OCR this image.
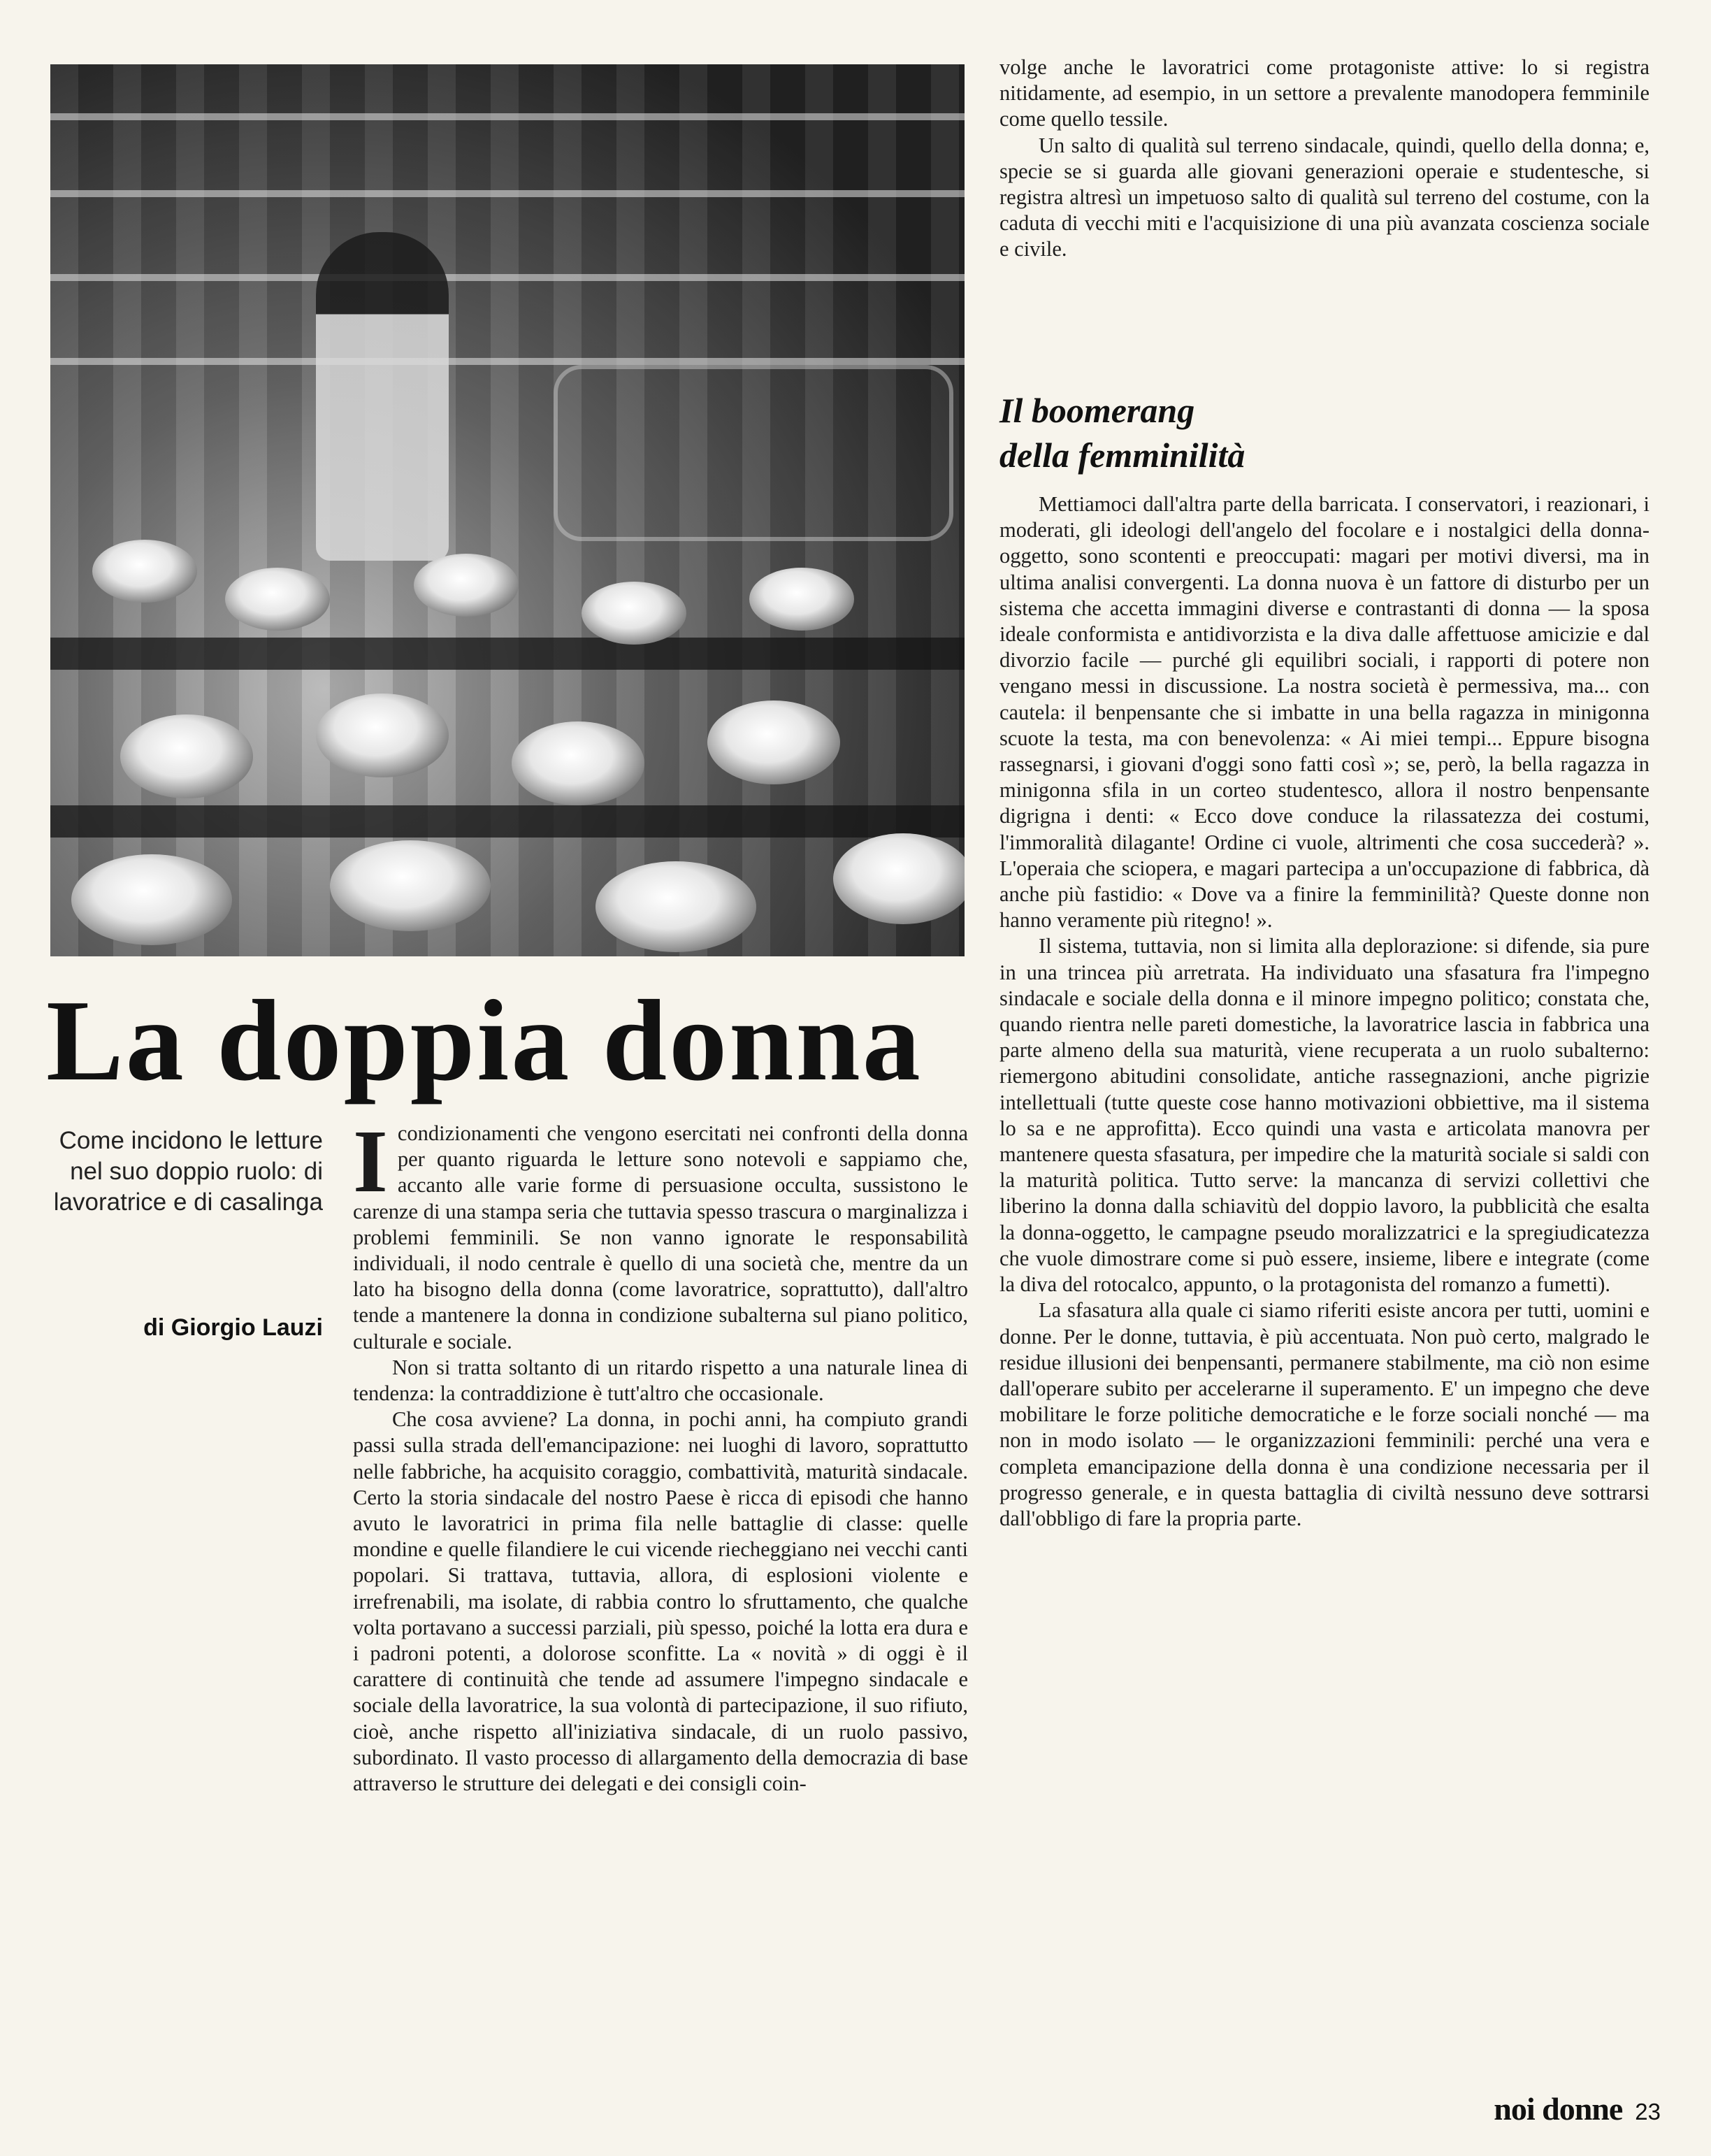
La doppia donna

Come incidono le letture nel suo doppio ruolo: di lavoratrice e di casalinga

di Giorgio Lauzi

Icondizionamenti che vengono esercitati nei confronti della donna per quanto riguarda le letture sono notevoli e sappiamo che, accanto alle varie forme di persuasione occulta, sussistono le carenze di una stampa seria che tuttavia spesso trascura o marginalizza i problemi femminili. Se non vanno ignorate le responsabilità individuali, il nodo centrale è quello di una società che, mentre da un lato ha bisogno della donna (come lavoratrice, soprattutto), dall'altro tende a mantenere la donna in condizione subalterna sul piano politico, culturale e sociale.

Non si tratta soltanto di un ritardo rispetto a una naturale linea di tendenza: la contraddizione è tutt'altro che occasionale.

Che cosa avviene? La donna, in pochi anni, ha compiuto grandi passi sulla strada dell'emancipazione: nei luoghi di lavoro, soprattutto nelle fabbriche, ha acquisito coraggio, combattività, maturità sindacale. Certo la storia sindacale del nostro Paese è ricca di episodi che hanno avuto le lavoratrici in prima fila nelle battaglie di classe: quelle mondine e quelle filandiere le cui vicende riecheggiano nei vecchi canti popolari. Si trattava, tuttavia, allora, di esplosioni violente e irrefrenabili, ma isolate, di rabbia contro lo sfruttamento, che qualche volta portavano a successi parziali, più spesso, poiché la lotta era dura e i padroni potenti, a dolorose sconfitte. La « novità » di oggi è il carattere di continuità che tende ad assumere l'impegno sindacale e sociale della lavoratrice, la sua volontà di partecipazione, il suo rifiuto, cioè, anche rispetto all'iniziativa sindacale, di un ruolo passivo, subordinato. Il vasto processo di allargamento della democrazia di base attraverso le strutture dei delegati e dei consigli coin-

volge anche le lavoratrici come protagoniste attive: lo si registra nitidamente, ad esempio, in un settore a prevalente manodopera femminile come quello tessile.

Un salto di qualità sul terreno sindacale, quindi, quello della donna; e, specie se si guarda alle giovani generazioni operaie e studentesche, si registra altresì un impetuoso salto di qualità sul terreno del costume, con la caduta di vecchi miti e l'acquisizione di una più avanzata coscienza sociale e civile.

Il boomerang
della femminilità

Mettiamoci dall'altra parte della barricata. I conservatori, i reazionari, i moderati, gli ideologi dell'angelo del focolare e i nostalgici della donna-oggetto, sono scontenti e preoccupati: magari per motivi diversi, ma in ultima analisi convergenti. La donna nuova è un fattore di disturbo per un sistema che accetta immagini diverse e contrastanti di donna — la sposa ideale conformista e antidivorzista e la diva dalle affettuose amicizie e dal divorzio facile — purché gli equilibri sociali, i rapporti di potere non vengano messi in discussione. La nostra società è permessiva, ma... con cautela: il benpensante che si imbatte in una bella ragazza in minigonna scuote la testa, ma con benevolenza: « Ai miei tempi... Eppure bisogna rassegnarsi, i giovani d'oggi sono fatti così »; se, però, la bella ragazza in minigonna sfila in un corteo studentesco, allora il nostro benpensante digrigna i denti: « Ecco dove conduce la rilassatezza dei costumi, l'immoralità dilagante! Ordine ci vuole, altrimenti che cosa succederà? ». L'operaia che sciopera, e magari partecipa a un'occupazione di fabbrica, dà anche più fastidio: « Dove va a finire la femminilità? Queste donne non hanno veramente più ritegno! ».

Il sistema, tuttavia, non si limita alla deplorazione: si difende, sia pure in una trincea più arretrata. Ha individuato una sfasatura fra l'impegno sindacale e sociale della donna e il minore impegno politico; constata che, quando rientra nelle pareti domestiche, la lavoratrice lascia in fabbrica una parte almeno della sua maturità, viene recuperata a un ruolo subalterno: riemergono abitudini consolidate, antiche rassegnazioni, anche pigrizie intellettuali (tutte queste cose hanno motivazioni obbiettive, ma il sistema lo sa e ne approfitta). Ecco quindi una vasta e articolata manovra per mantenere questa sfasatura, per impedire che la maturità sociale si saldi con la maturità politica. Tutto serve: la mancanza di servizi collettivi che liberino la donna dalla schiavitù del doppio lavoro, la pubblicità che esalta la donna-oggetto, le campagne pseudo moralizzatrici e la spregiudicatezza che vuole dimostrare come si può essere, insieme, libere e integrate (come la diva del rotocalco, appunto, o la protagonista del romanzo a fumetti).

La sfasatura alla quale ci siamo riferiti esiste ancora per tutti, uomini e donne. Per le donne, tuttavia, è più accentuata. Non può certo, malgrado le residue illusioni dei benpensanti, permanere stabilmente, ma ciò non esime dall'operare subito per accelerarne il superamento. E' un impegno che deve mobilitare le forze politiche democratiche e le forze sociali nonché — ma non in modo isolato — le organizzazioni femminili: perché una vera e completa emancipazione della donna è una condizione necessaria per il progresso generale, e in questa battaglia di civiltà nessuno deve sottrarsi dall'obbligo di fare la propria parte.

noi donne 23
